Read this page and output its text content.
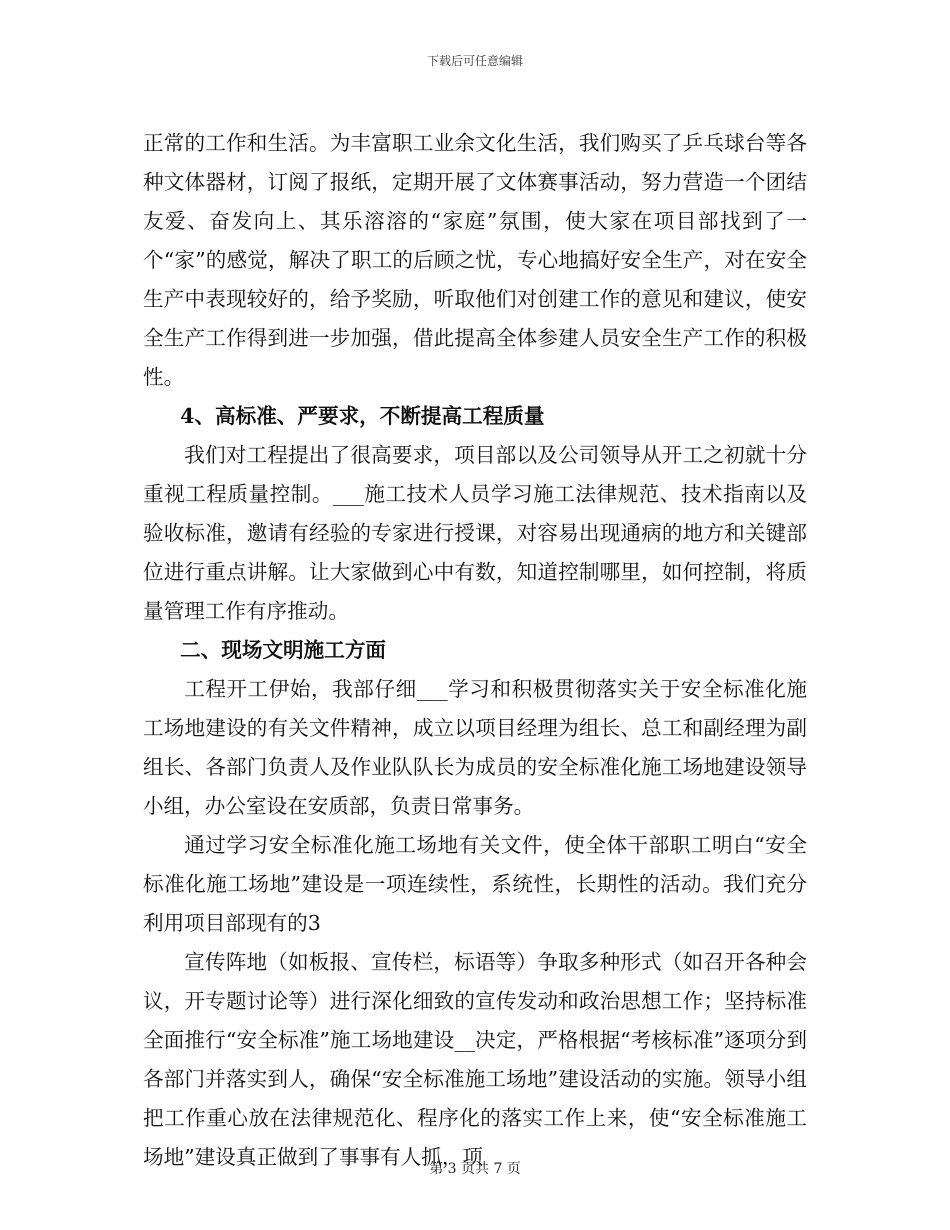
下载后可任意编辑

正常的工作和生活。为丰富职工业余文化生活，我们购买了乒乓球台等各种文体器材，订阅了报纸，定期开展了文体赛事活动，努力营造一个团结友爱、奋发向上、其乐溶溶的“家庭”氛围，使大家在项目部找到了一个“家”的感觉，解决了职工的后顾之忧，专心地搞好安全生产，对在安全生产中表现较好的，给予奖励，听取他们对创建工作的意见和建议，使安全生产工作得到进一步加强，借此提高全体参建人员安全生产工作的积极性。

4、高标准、严要求，不断提高工程质量

我们对工程提出了很高要求，项目部以及公司领导从开工之初就十分重视工程质量控制。___施工技术人员学习施工法律规范、技术指南以及验收标准，邀请有经验的专家进行授课，对容易出现通病的地方和关键部位进行重点讲解。让大家做到心中有数，知道控制哪里，如何控制，将质量管理工作有序推动。

二、现场文明施工方面

工程开工伊始，我部仔细___学习和积极贯彻落实关于安全标准化施工场地建设的有关文件精神，成立以项目经理为组长、总工和副经理为副组长、各部门负责人及作业队队长为成员的安全标准化施工场地建设领导小组，办公室设在安质部，负责日常事务。

通过学习安全标准化施工场地有关文件，使全体干部职工明白“安全标准化施工场地”建设是一项连续性，系统性，长期性的活动。我们充分利用项目部现有的3

宣传阵地（如板报、宣传栏，标语等）争取多种形式（如召开各种会议，开专题讨论等）进行深化细致的宣传发动和政治思想工作；坚持标准全面推行“安全标准”施工场地建设__决定，严格根据“考核标准”逐项分到各部门并落实到人，确保“安全标准施工场地”建设活动的实施。领导小组把工作重心放在法律规范化、程序化的落实工作上来，使“安全标准施工场地”建设真正做到了事事有人抓，项

第 3 页共 7 页
